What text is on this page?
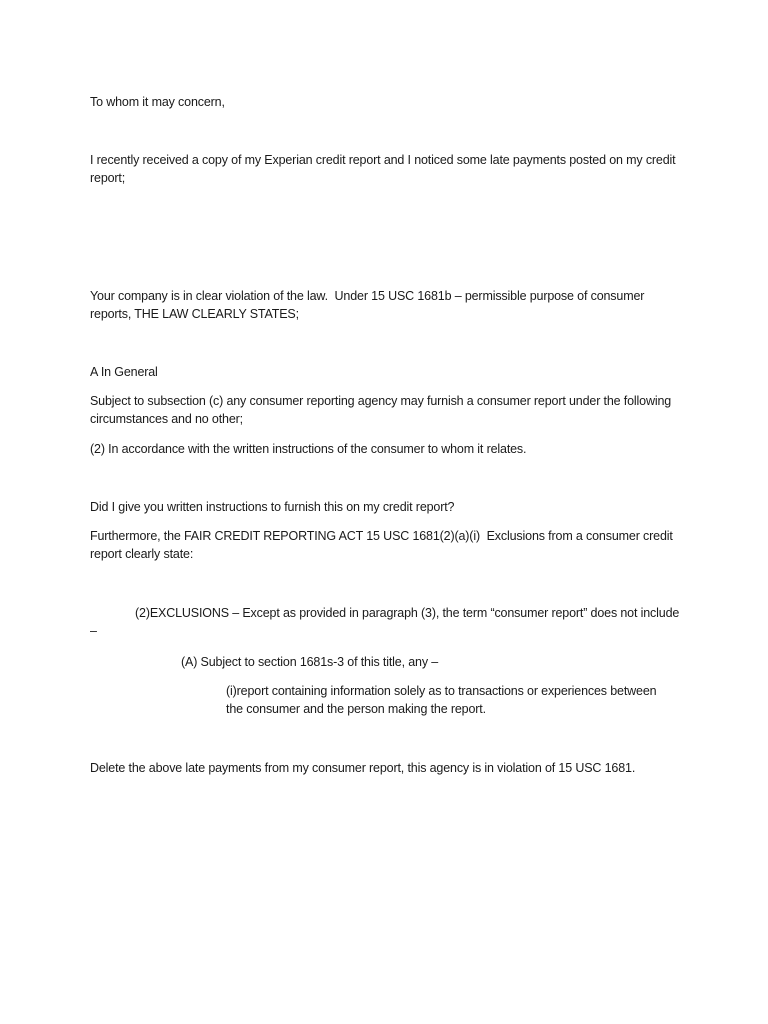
To whom it may concern,

I recently received a copy of my Experian credit report and I noticed some late payments posted on my credit report;

Your company is in clear violation of the law.  Under 15 USC 1681b – permissible purpose of consumer reports, THE LAW CLEARLY STATES;

A In General

Subject to subsection (c) any consumer reporting agency may furnish a consumer report under the following circumstances and no other;

(2) In accordance with the written instructions of the consumer to whom it relates.

Did I give you written instructions to furnish this on my credit report?

Furthermore, the FAIR CREDIT REPORTING ACT 15 USC 1681(2)(a)(i)  Exclusions from a consumer credit report clearly state:

(2)EXCLUSIONS – Except as provided in paragraph (3), the term “consumer report” does not include –

(A) Subject to section 1681s-3 of this title, any –

(i)report containing information solely as to transactions or experiences between the consumer and the person making the report.

Delete the above late payments from my consumer report, this agency is in violation of 15 USC 1681.
